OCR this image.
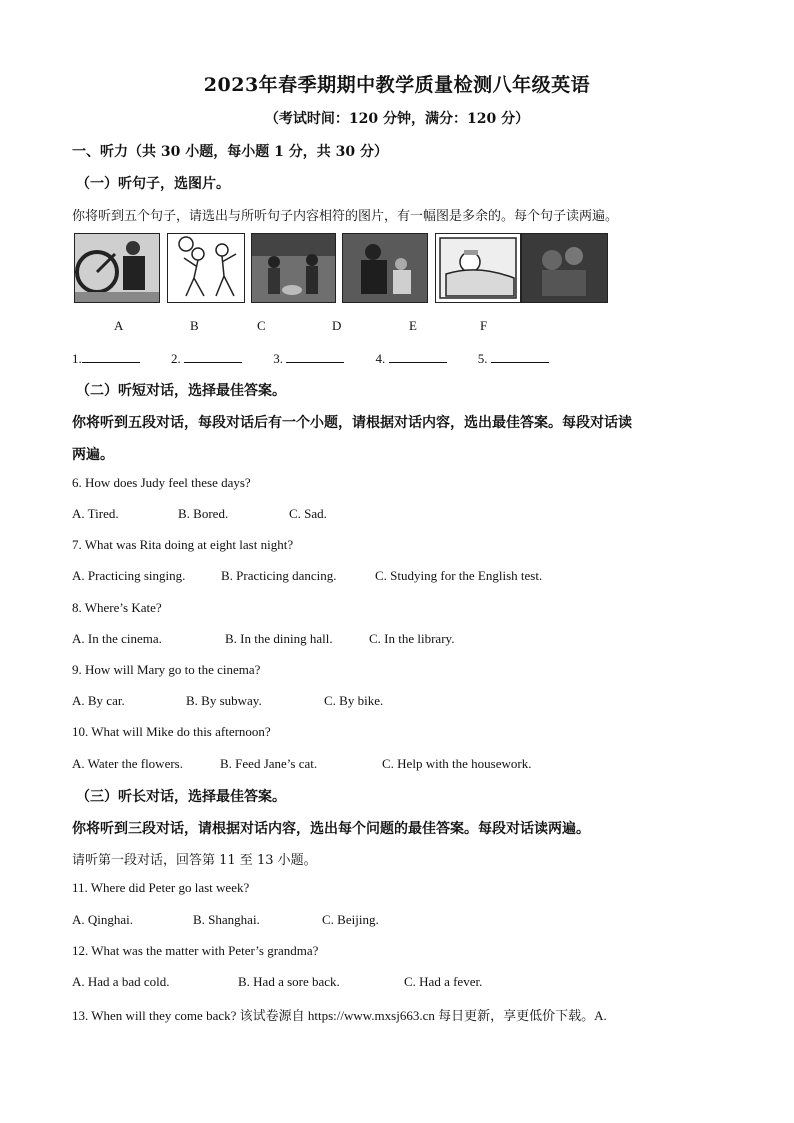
2023年春季期期中教学质量检测八年级英语
（考试时间：120 分钟，满分：120 分）
一、听力（共 30 小题，每小题 1 分，共 30 分）
（一）听句子，选图片。
你将听到五个句子，请选出与所听句子内容相符的图片，有一幅图是多余的。每个句子读两遍。
A	B	C	D	E	F
1.	2.	3.	4.	5.
（二）听短对话，选择最佳答案。
你将听到五段对话，每段对话后有一个小题，请根据对话内容，选出最佳答案。每段对话读
两遍。
6. How does Judy feel these days?
A. Tired.	B. Bored.	C. Sad.
7. What was Rita doing at eight last night?
A. Practicing singing.	B. Practicing dancing.	C. Studying for the English test.
8. Where’s Kate?
A. In the cinema.	B. In the dining hall.	C. In the library.
9. How will Mary go to the cinema?
A. By car.	B. By subway.	C. By bike.
10. What will Mike do this afternoon?
A. Water the flowers.	B. Feed Jane’s cat.	C. Help with the housework.
（三）听长对话，选择最佳答案。
你将听到三段对话，请根据对话内容，选出每个问题的最佳答案。每段对话读两遍。
请听第一段对话，回答第 11 至 13 小题。
11. Where did Peter go last week?
A. Qinghai.	B. Shanghai.	C. Beijing.
12. What was the matter with Peter’s grandma?
A. Had a bad cold.	B. Had a sore back.	C. Had a fever.
13. When will they come back? 该试卷源自 https://www.mxsj663.cn 每日更新，享更低价下载。A.
